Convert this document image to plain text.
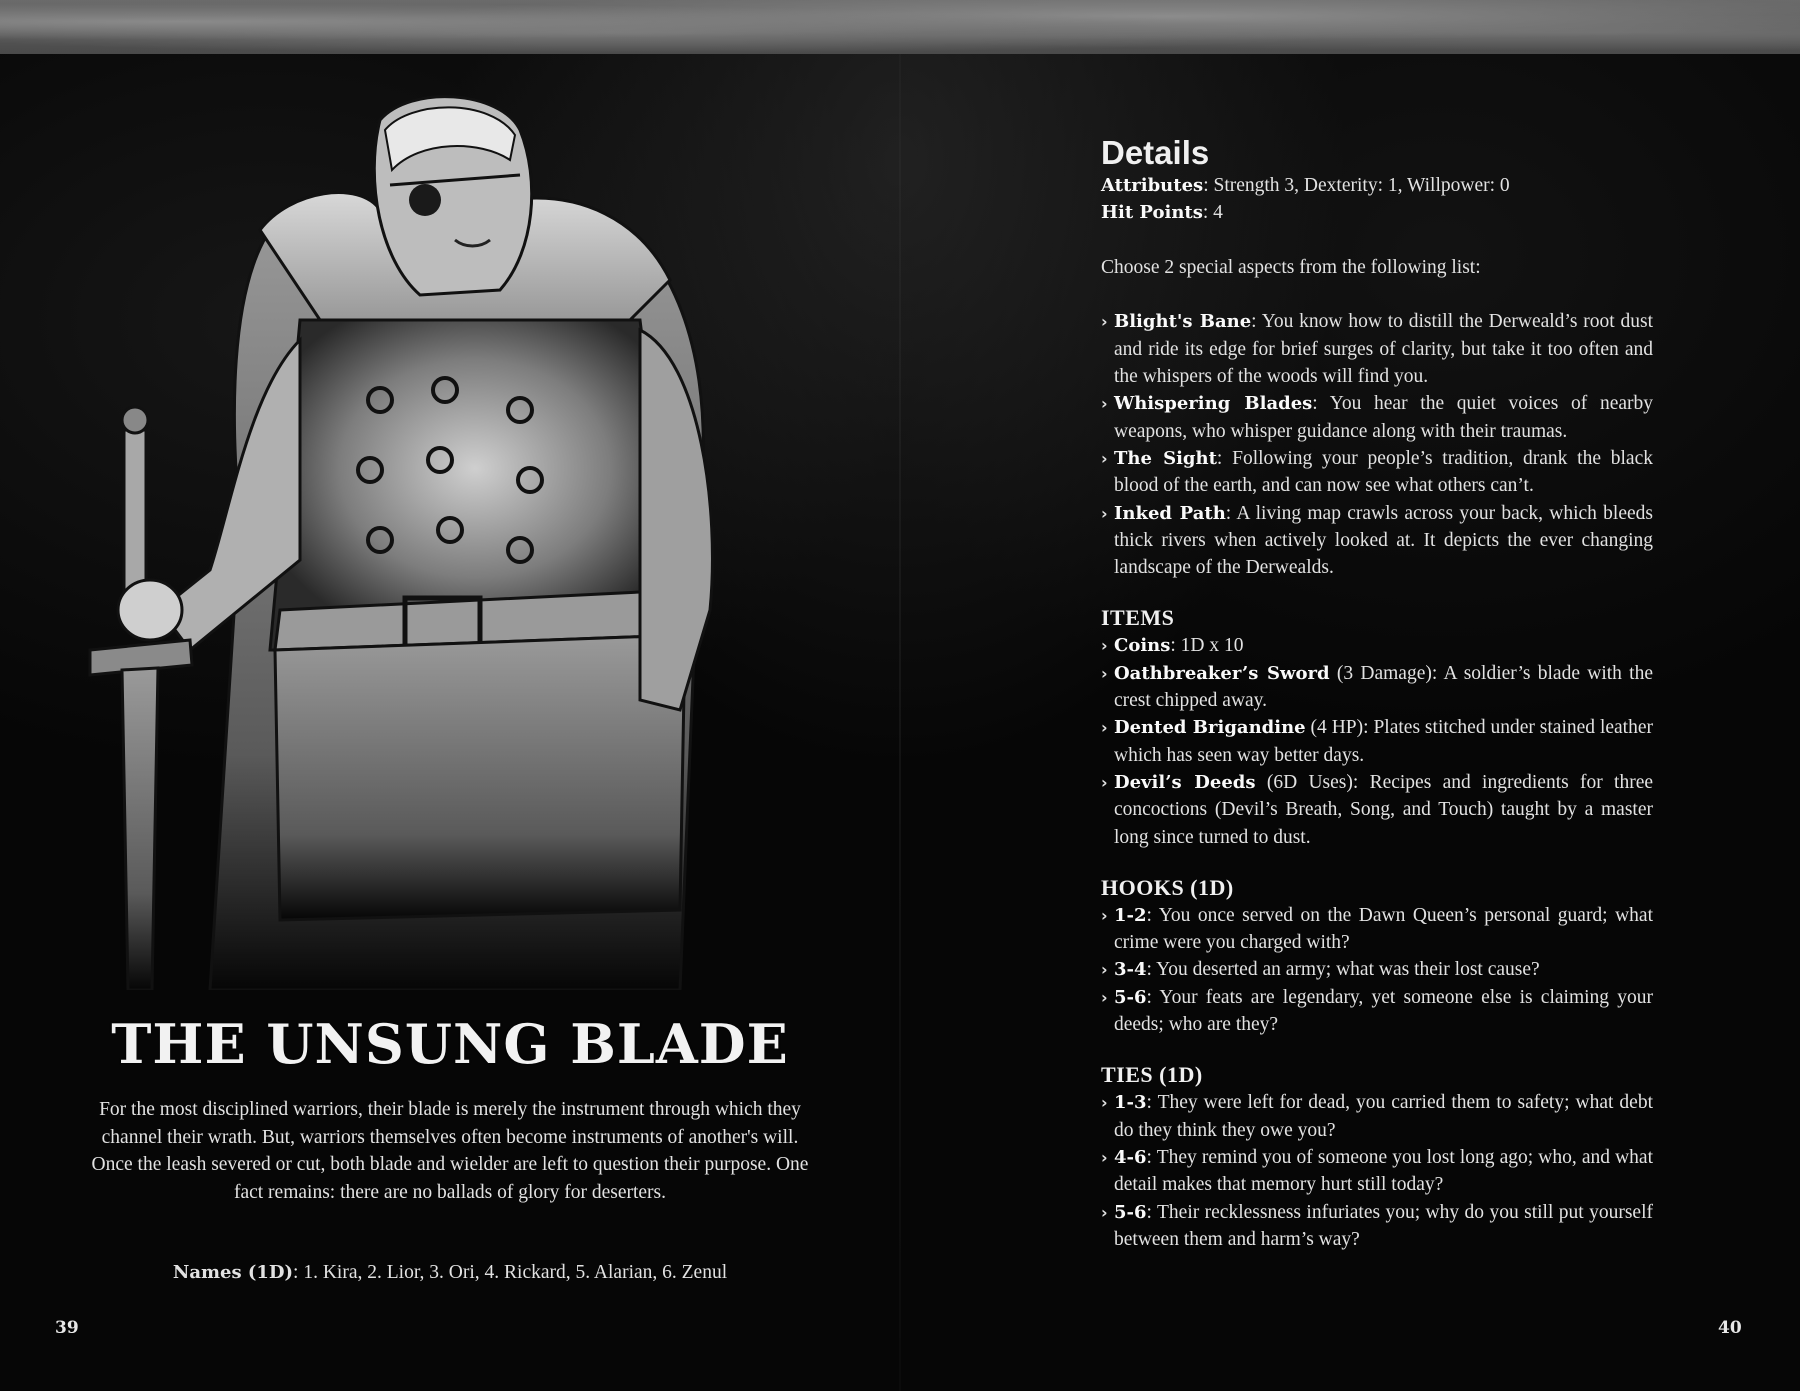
THE UNSUNG BLADE
For the most disciplined warriors, their blade is merely the instrument through which they channel their wrath. But, warriors themselves often become instruments of another's will. Once the leash severed or cut, both blade and wielder are left to question their purpose. One fact remains: there are no ballads of glory for deserters.
Names (1D): 1. Kira, 2. Lior, 3. Ori, 4. Rickard, 5. Alarian, 6. Zenul
39
Details
Attributes: Strength 3, Dexterity: 1, Willpower: 0
Hit Points: 4
Choose 2 special aspects from the following list:
› Blight's Bane: You know how to distill the Derweald’s root dust and ride its edge for brief surges of clarity, but take it too often and the whispers of the woods will find you.
› Whispering Blades: You hear the quiet voices of nearby weapons, who whisper guidance along with their traumas.
› The Sight: Following your people’s tradition, drank the black blood of the earth, and can now see what others can’t.
› Inked Path: A living map crawls across your back, which bleeds thick rivers when actively looked at. It depicts the ever changing landscape of the Derwealds.
ITEMS
› Coins: 1D x 10
› Oathbreaker’s Sword (3 Damage): A soldier’s blade with the crest chipped away.
› Dented Brigandine (4 HP): Plates stitched under stained leather which has seen way better days.
› Devil’s Deeds (6D Uses): Recipes and ingredients for three concoctions (Devil’s Breath, Song, and Touch) taught by a master long since turned to dust.
HOOKS (1D)
› 1-2: You once served on the Dawn Queen’s personal guard; what crime were you charged with?
› 3-4: You deserted an army; what was their lost cause?
› 5-6: Your feats are legendary, yet someone else is claiming your deeds; who are they?
TIES (1D)
› 1-3: They were left for dead, you carried them to safety; what debt do they think they owe you?
› 4-6: They remind you of someone you lost long ago; who, and what detail makes that memory hurt still today?
› 5-6: Their recklessness infuriates you; why do you still put yourself between them and harm’s way?
40
